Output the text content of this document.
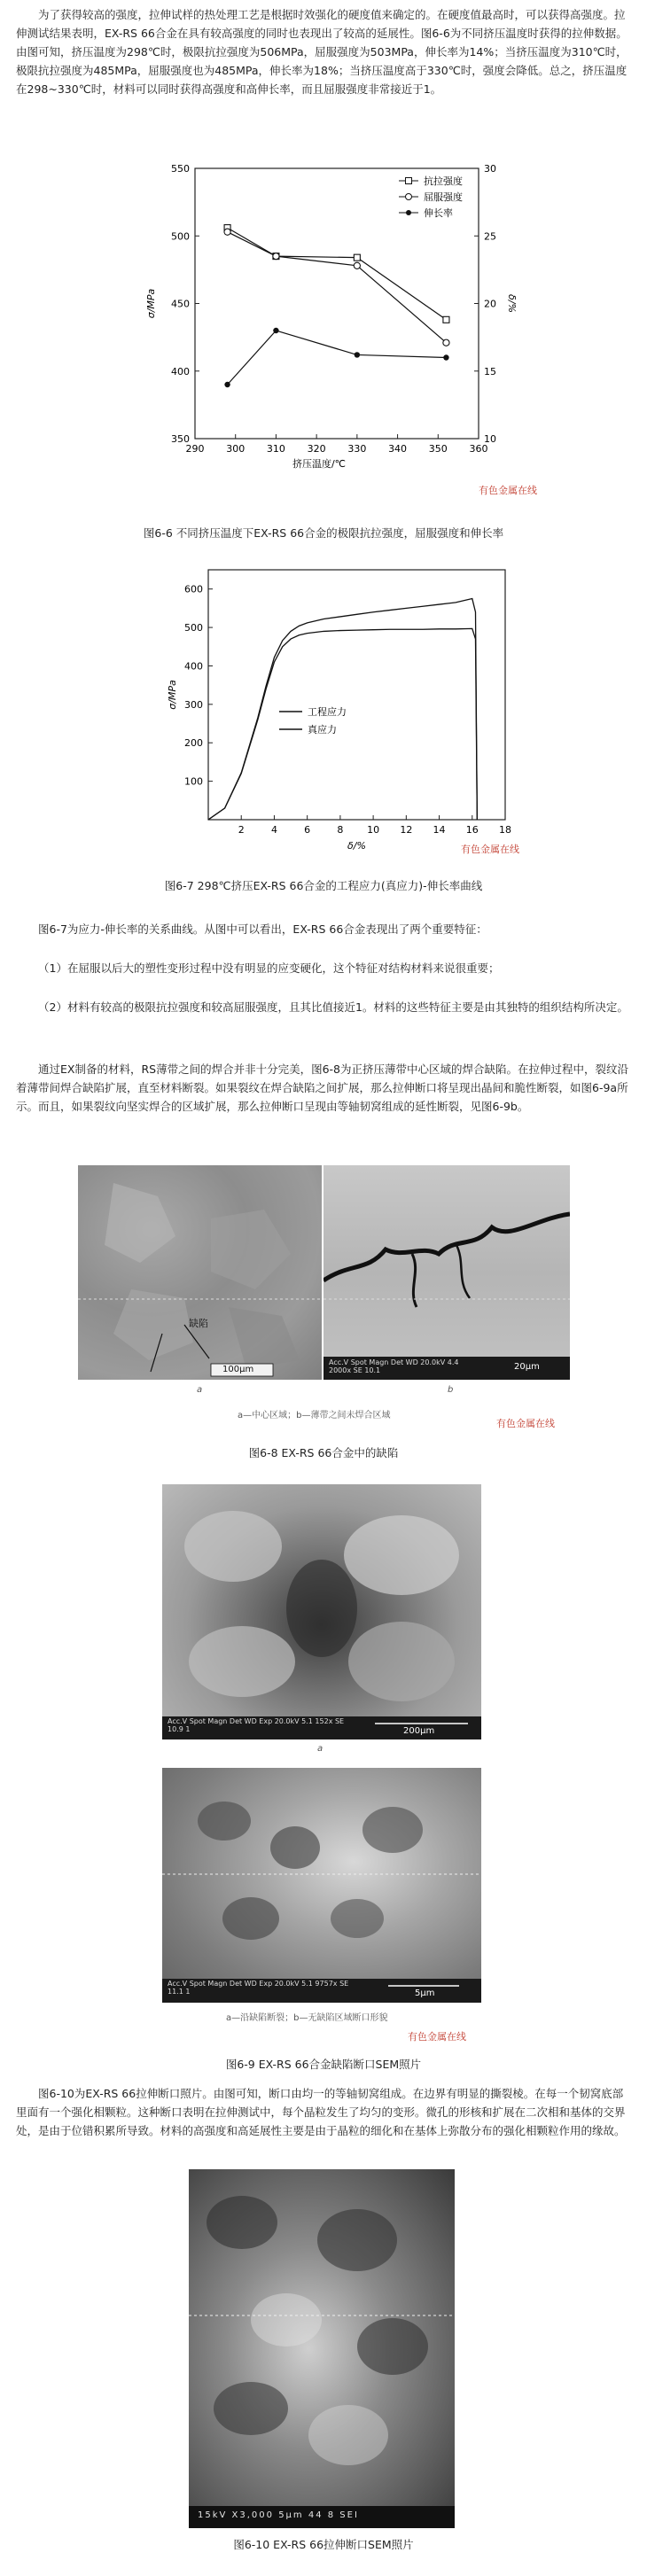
为了获得较高的强度，拉伸试样的热处理工艺是根据时效强化的硬度值来确定的。在硬度值最高时，可以获得高强度。拉伸测试结果表明，EX-RS 66合金在具有较高强度的同时也表现出了较高的延展性。图6-6为不同挤压温度时获得的拉伸数据。由图可知，挤压温度为298℃时，极限抗拉强度为506MPa，屈服强度为503MPa，伸长率为14%；当挤压温度为310℃时，极限抗拉强度为485MPa，屈服强度也为485MPa，伸长率为18%；当挤压温度高于330℃时，强度会降低。总之，挤压温度在298~330℃时，材料可以同时获得高强度和高伸长率，而且屈服强度非常接近于1。
290 300 310 320 330 340 350 360
350
400
450
500
550
10
15
20
25
30
挤压温度/℃
σ/MPa	δ/%
抗拉强度
屈服强度
伸长率
有色金属在线
图6-6 不同挤压温度下EX-RS 66合金的极限抗拉强度，屈服强度和伸长率
2	4	6	8 10 12 14 16 18
100
200
300
400
500
600
δ/%
σ/MPa
工程应力
真应力
有色金属在线
图6-7 298℃挤压EX-RS 66合金的工程应力(真应力)-伸长率曲线
图6-7为应力-伸长率的关系曲线。从图中可以看出，EX-RS 66合金表现出了两个重要特征：
（1）在屈服以后大的塑性变形过程中没有明显的应变硬化，这个特征对结构材料来说很重要；
（2）材料有较高的极限抗拉强度和较高屈服强度，且其比值接近1。材料的这些特征主要是由其独特的组织结构所决定。
通过EX制备的材料，RS薄带之间的焊合并非十分完美，图6-8为正挤压薄带中心区域的焊合缺陷。在拉伸过程中，裂纹沿着薄带间焊合缺陷扩展，直至材料断裂。如果裂纹在焊合缺陷之间扩展，那么拉伸断口将呈现出晶间和脆性断裂，如图6-9a所示。而且，如果裂纹向坚实焊合的区域扩展，那么拉伸断口呈现由等轴韧窝组成的延性断裂，见图6-9b。
缺陷
100μm
Acc.V Spot Magn Det WD 20.0kV 4.4 2000x SE 10.1	20μm
a	b
a—中心区域；b—薄带之间未焊合区域
有色金属在线
图6-8 EX-RS 66合金中的缺陷
Acc.V Spot Magn Det WD Exp 20.0kV 5.1 152x SE 10.9 1	200μm
a
Acc.V Spot Magn Det WD Exp 20.0kV 5.1 9757x SE 11.1 1	5μm
a—沿缺陷断裂；b—无缺陷区域断口形貌
有色金属在线
图6-9 EX-RS 66合金缺陷断口SEM照片
图6-10为EX-RS 66拉伸断口照片。由图可知，断口由均一的等轴韧窝组成。在边界有明显的撕裂棱。在每一个韧窝底部里面有一个强化相颗粒。这种断口表明在拉伸测试中，每个晶粒发生了均匀的变形。微孔的形核和扩展在二次相和基体的交界处，是由于位错积累所导致。材料的高强度和高延展性主要是由于晶粒的细化和在基体上弥散分布的强化相颗粒作用的缘故。
15kV X3,000 5μm 44 8 SEI
图6-10 EX-RS 66拉伸断口SEM照片
